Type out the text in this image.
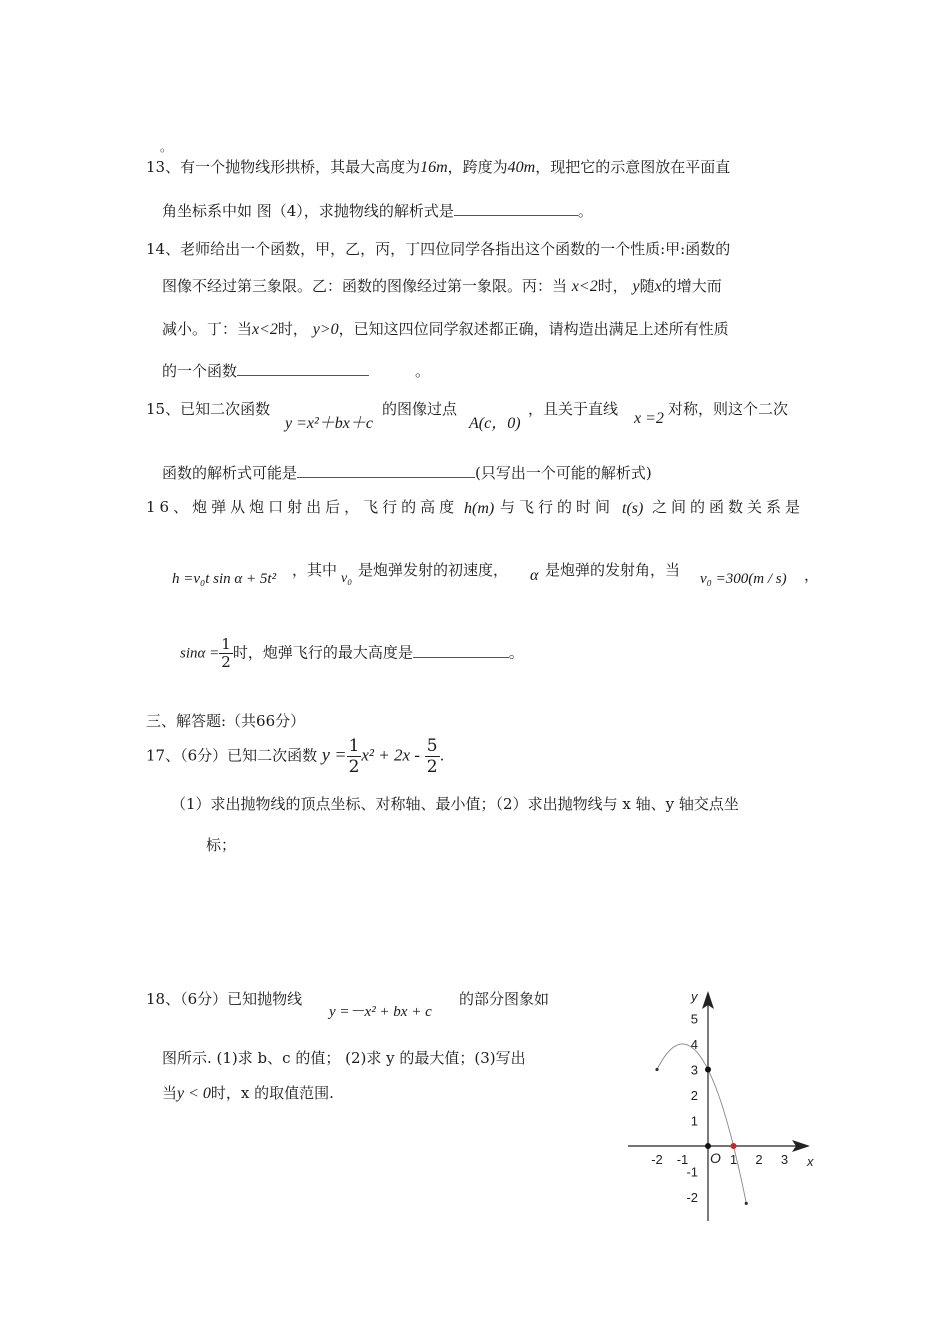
。
13、有一个抛物线形拱桥，其最大高度为16m，跨度为40m，现把它的示意图放在平面直
角坐标系中如 图（4），求抛物线的解析式是	。
14、老师给出一个函数，甲，乙，丙，丁四位同学各指出这个函数的一个性质:甲:函数的
图像不经过第三象限。乙：函数的图像经过第一象限。丙：当 x<2时， y随x的增大而
减小。丁：当x<2时， y>0，已知这四位同学叙述都正确，请构造出满足上述所有性质
的一个函数	。
15、已知二次函数
y =x²＋bx＋c
的图像过点
A(c，0)
，且关于直线
x =2
对称，则这个二次
函数的解析式可能是	(只写出一个可能的解析式)
16、炮弹从炮口射出后，飞行的高度 h(m) 与飞行的时间 t(s) 之间的函数关系是
h =v₀t sin α + 5t² ，其中 v₀ 是炮弹发射的初速度， α 是炮弹的发射角，当 v₀ =300(m / s) ，
$\sin\alpha = \frac{1}{2}$ 时，炮弹飞行的最大高度是	。
三、解答题:（共66分）
17、（6分）已知二次函数 $y = \frac{1}{2} x^2 + 2x - \frac{5}{2}$ .
（1）求出抛物线的顶点坐标、对称轴、最小值；（2）求出抛物线与 x 轴、y 轴交点坐
标；
18、（6分）已知抛物线
y =－x² + bx + c
的部分图象如
图所示. (1)求 b、c 的值； (2)求 y 的最大值；(3)写出
当y < 0时，x 的取值范围.
-2 -1	1 2 3
5
4
3
2
1
-1
-2
x
y
O
